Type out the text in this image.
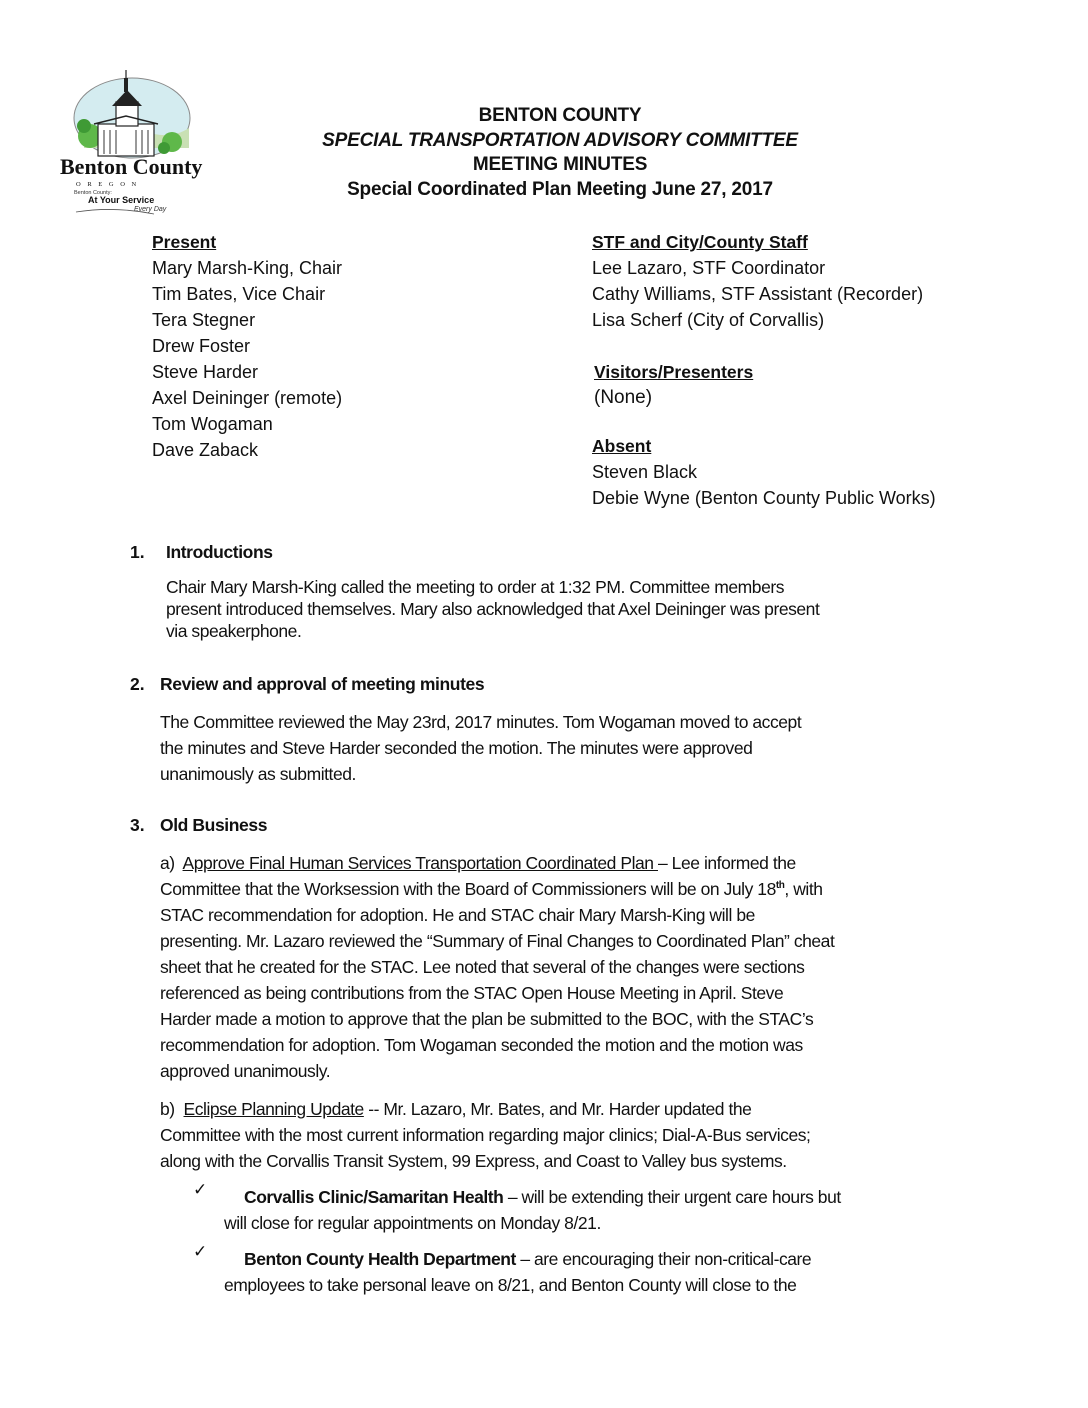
Benton County
O R E G O N
Benton County:
At Your Service
Every Day
BENTON COUNTY
SPECIAL TRANSPORTATION ADVISORY COMMITTEE
MEETING MINUTES
Special Coordinated Plan Meeting June 27, 2017
Present
Mary Marsh-King, Chair
Tim Bates, Vice Chair
Tera Stegner
Drew Foster
Steve Harder
Axel Deininger (remote)
Tom Wogaman
Dave Zaback
STF and City/County Staff
Lee Lazaro, STF Coordinator
Cathy Williams, STF Assistant (Recorder)
Lisa Scherf (City of Corvallis)
Visitors/Presenters
(None)
Absent
Steven Black
Debie Wyne (Benton County Public Works)
1. Introductions
Chair Mary Marsh-King called the meeting to order at 1:32 PM. Committee members
present introduced themselves. Mary also acknowledged that Axel Deininger was present
via speakerphone.
2. Review and approval of meeting minutes
The Committee reviewed the May 23rd, 2017 minutes. Tom Wogaman moved to accept
the minutes and Steve Harder seconded the motion. The minutes were approved
unanimously as submitted.
3. Old Business
a) Approve Final Human Services Transportation Coordinated Plan – Lee informed the
Committee that the Worksession with the Board of Commissioners will be on July 18th, with
STAC recommendation for adoption. He and STAC chair Mary Marsh-King will be
presenting. Mr. Lazaro reviewed the “Summary of Final Changes to Coordinated Plan” cheat
sheet that he created for the STAC. Lee noted that several of the changes were sections
referenced as being contributions from the STAC Open House Meeting in April. Steve
Harder made a motion to approve that the plan be submitted to the BOC, with the STAC’s
recommendation for adoption. Tom Wogaman seconded the motion and the motion was
approved unanimously.
b) Eclipse Planning Update -- Mr. Lazaro, Mr. Bates, and Mr. Harder updated the
Committee with the most current information regarding major clinics; Dial-A-Bus services;
along with the Corvallis Transit System, 99 Express, and Coast to Valley bus systems.
✓	Corvallis Clinic/Samaritan Health – will be extending their urgent care hours but
will close for regular appointments on Monday 8/21.
✓	Benton County Health Department – are encouraging their non-critical-care
employees to take personal leave on 8/21, and Benton County will close to the
